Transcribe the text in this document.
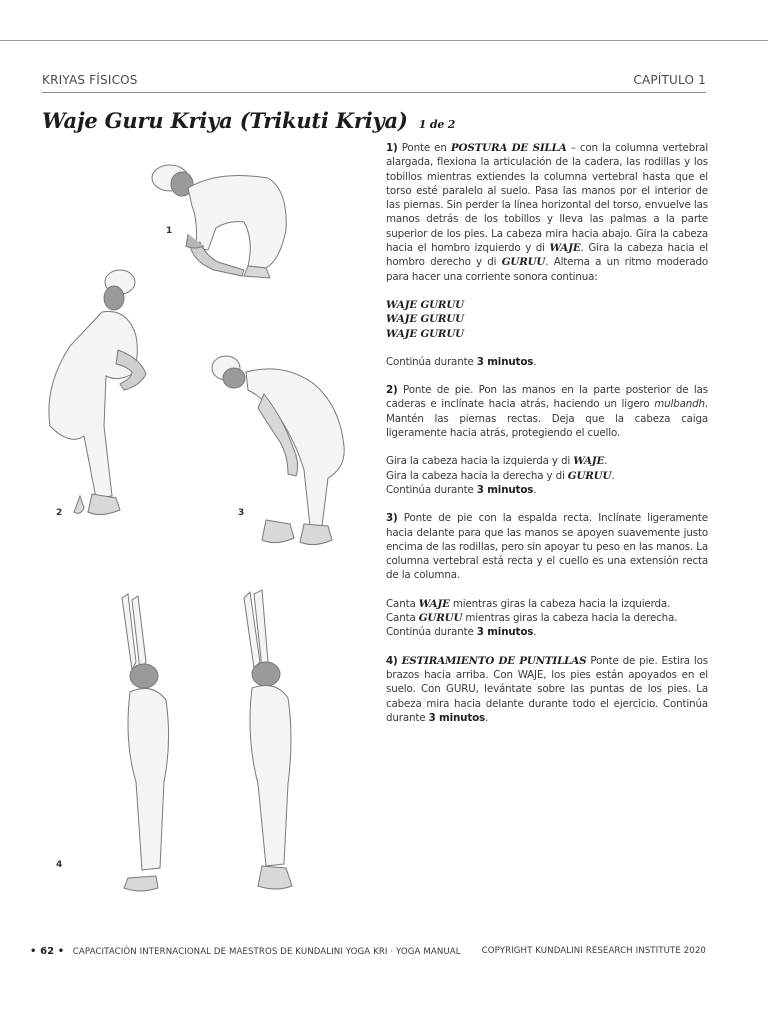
KRIYAS FÍSICOS	CAPÍTULO 1
Waje Guru Kriya (Trikuti Kriya) 1 de 2
1
2	3
4

1) Ponte en POSTURA DE SILLA – con la columna vertebral alargada, flexiona la articulación de la cadera, las rodillas y los tobillos mientras extiendes la columna vertebral hasta que el torso esté paralelo al suelo. Pasa las manos por el interior de las piernas. Sin perder la línea horizontal del torso, envuelve las manos detrás de los tobillos y lleva las palmas a la parte superior de los pies. La cabeza mira hacia abajo. Gira la cabeza hacia el hombro izquierdo y di WAJE. Gira la cabeza hacia el hombro derecho y di GURUU. Alterna a un ritmo moderado para hacer una corriente sonora continua:

WAJE GURUU
WAJE GURUU
WAJE GURUU

Continúa durante 3 minutos.

2) Ponte de pie. Pon las manos en la parte posterior de las caderas e inclínate hacia atrás, haciendo un ligero mulbandh. Mantén las piernas rectas. Deja que la cabeza caiga ligeramente hacia atrás, protegiendo el cuello.

Gira la cabeza hacia la izquierda y di WAJE.
Gira la cabeza hacia la derecha y di GURUU.
Continúa durante 3 minutos.

3) Ponte de pie con la espalda recta. Inclínate ligeramente hacia delante para que las manos se apoyen suavemente justo encima de las rodillas, pero sin apoyar tu peso en las manos. La columna vertebral está recta y el cuello es una extensión recta de la columna.

Canta WAJE mientras giras la cabeza hacia la izquierda.
Canta GURUU mientras giras la cabeza hacia la derecha.
Continúa durante 3 minutos.

4) ESTIRAMIENTO DE PUNTILLAS Ponte de pie. Estira los brazos hacia arriba. Con WAJE, los pies están apoyados en el suelo. Con GURU, levántate sobre las puntas de los pies. La cabeza mira hacia delante durante todo el ejercicio. Continúa durante 3 minutos.

• 62 • CAPACITACIÓN INTERNACIONAL DE MAESTROS DE KUNDALINI YOGA KRI · YOGA MANUAL COPYRIGHT KUNDALINI RESEARCH INSTITUTE 2020
